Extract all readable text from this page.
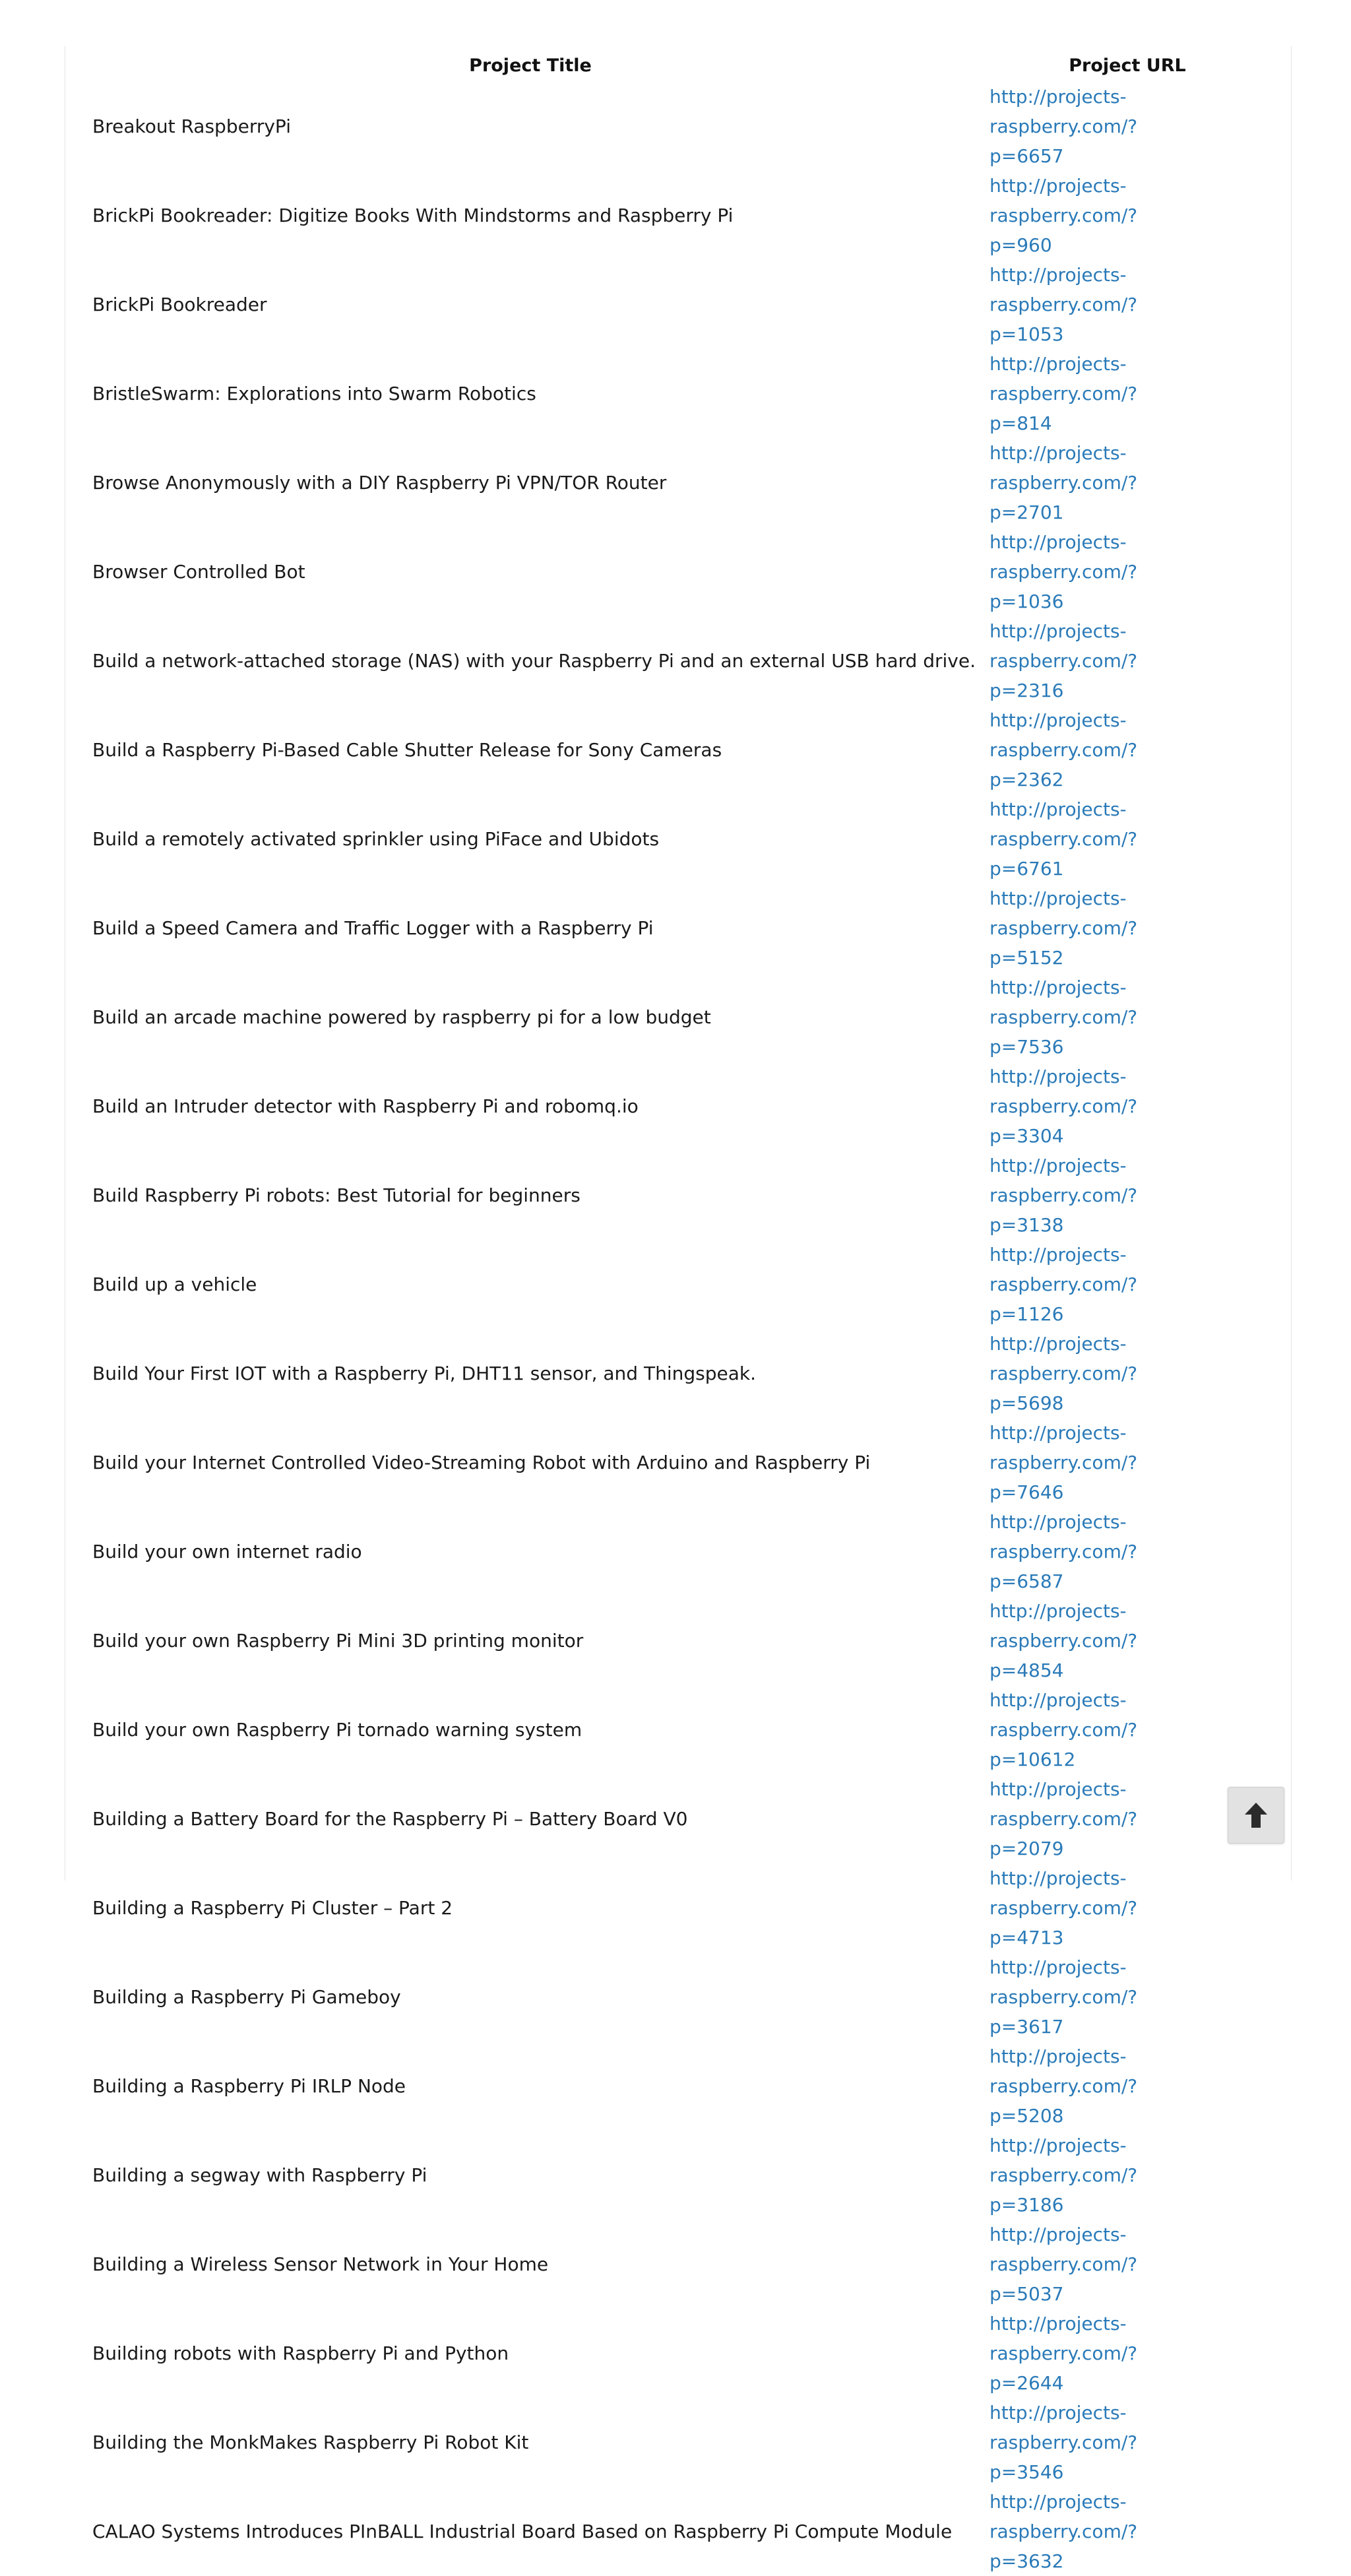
Project Title	Project URL
Breakout RaspberryPi	http://projects-raspberry.com/?
p=6657

BrickPi Bookreader: Digitize Books With Mindstorms and Raspberry Pi	http://projects-raspberry.com/?
p=960

BrickPi Bookreader	http://projects-raspberry.com/?
p=1053

BristleSwarm: Explorations into Swarm Robotics	http://projects-raspberry.com/?
p=814

Browse Anonymously with a DIY Raspberry Pi VPN/TOR Router	http://projects-raspberry.com/?
p=2701

Browser Controlled Bot	http://projects-raspberry.com/?
p=1036

Build a network-attached storage (NAS) with your Raspberry Pi and an external USB hard drive.	http://projects-raspberry.com/?
p=2316

Build a Raspberry Pi-Based Cable Shutter Release for Sony Cameras	http://projects-raspberry.com/?
p=2362

Build a remotely activated sprinkler using PiFace and Ubidots	http://projects-raspberry.com/?
p=6761

Build a Speed Camera and Traffic Logger with a Raspberry Pi	http://projects-raspberry.com/?
p=5152

Build an arcade machine powered by raspberry pi for a low budget	http://projects-raspberry.com/?
p=7536

Build an Intruder detector with Raspberry Pi and robomq.io	http://projects-raspberry.com/?
p=3304

Build Raspberry Pi robots: Best Tutorial for beginners	http://projects-raspberry.com/?
p=3138

Build up a vehicle	http://projects-raspberry.com/?
p=1126

Build Your First IOT with a Raspberry Pi, DHT11 sensor, and Thingspeak.	http://projects-raspberry.com/?
p=5698

Build your Internet Controlled Video-Streaming Robot with Arduino and Raspberry Pi	http://projects-raspberry.com/?
p=7646

Build your own internet radio	http://projects-raspberry.com/?
p=6587

Build your own Raspberry Pi Mini 3D printing monitor	http://projects-raspberry.com/?
p=4854

Build your own Raspberry Pi tornado warning system	http://projects-raspberry.com/?
p=10612

Building a Battery Board for the Raspberry Pi – Battery Board V0	http://projects-raspberry.com/?
p=2079

Building a Raspberry Pi Cluster – Part 2	http://projects-raspberry.com/?
p=4713

Building a Raspberry Pi Gameboy	http://projects-raspberry.com/?
p=3617

Building a Raspberry Pi IRLP Node	http://projects-raspberry.com/?
p=5208

Building a segway with Raspberry Pi	http://projects-raspberry.com/?
p=3186

Building a Wireless Sensor Network in Your Home	http://projects-raspberry.com/?
p=5037

Building robots with Raspberry Pi and Python	http://projects-raspberry.com/?
p=2644

Building the MonkMakes Raspberry Pi Robot Kit	http://projects-raspberry.com/?
p=3546

CALAO Systems Introduces PInBALL Industrial Board Based on Raspberry Pi Compute Module	http://projects-raspberry.com/?
p=3632
